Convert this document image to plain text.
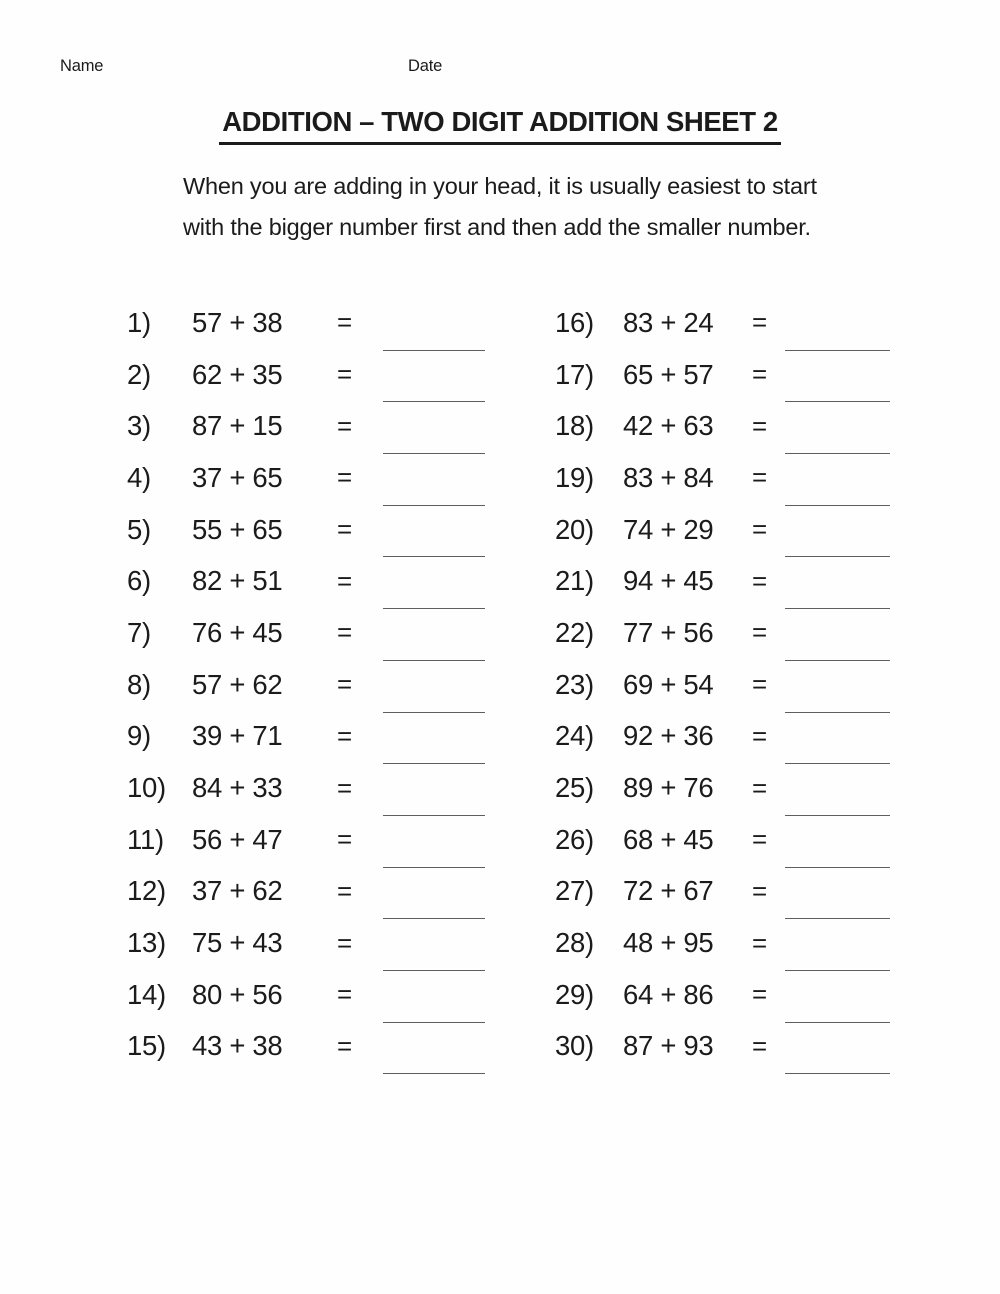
Name	Date
ADDITION – TWO DIGIT ADDITION SHEET 2
When you are adding in your head, it is usually easiest to start
with the bigger number first and then add the smaller number.
1)	57 + 38	=
2)	62 + 35	=
3)	87 + 15	=
4)	37 + 65	=
5)	55 + 65	=
6)	82 + 51	=
7)	76 + 45	=
8)	57 + 62	=
9)	39 + 71	=
10) 84 + 33	=
11)	56 + 47	=
12) 37 + 62	=
13) 75 + 43	=
14) 80 + 56	=
15) 43 + 38	=
16)	83 + 24	=
17)	65 + 57	=
18)	42 + 63	=
19)	83 + 84	=
20)	74 + 29	=
21)	94 + 45	=
22)	77 + 56	=
23)	69 + 54	=
24)	92 + 36	=
25)	89 + 76	=
26)	68 + 45	=
27)	72 + 67	=
28)	48 + 95	=
29)	64 + 86	=
30)	87 + 93	=
